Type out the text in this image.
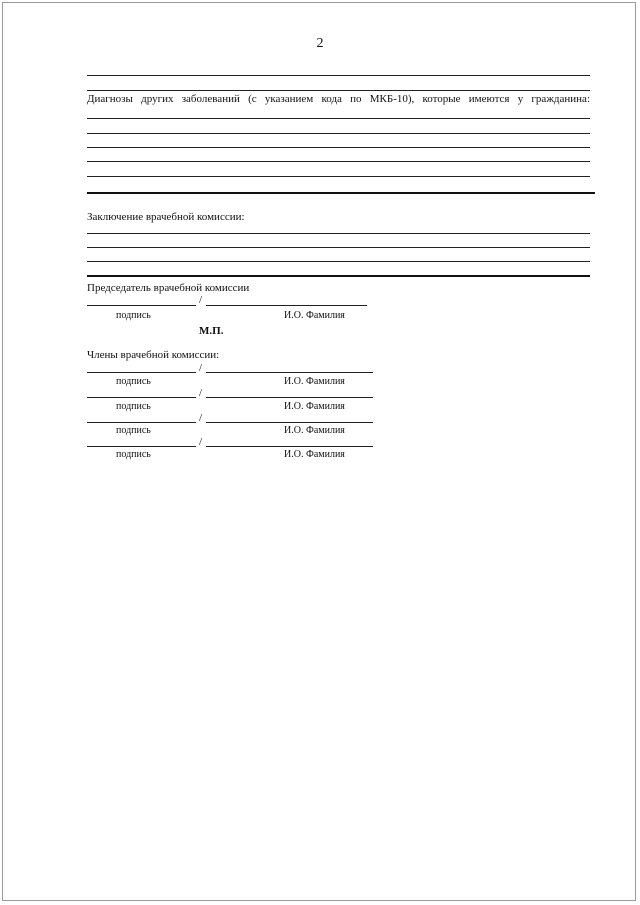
2
Диагнозы других заболеваний (с указанием кода по МКБ-10), которые имеются у гражданина:
Заключение врачебной комиссии:
Председатель врачебной комиссии
/
подпись	И.О. Фамилия
М.П.
Члены врачебной комиссии:
/
подпись	И.О. Фамилия
/
подпись	И.О. Фамилия
/
подпись	И.О. Фамилия
/
подпись	И.О. Фамилия
